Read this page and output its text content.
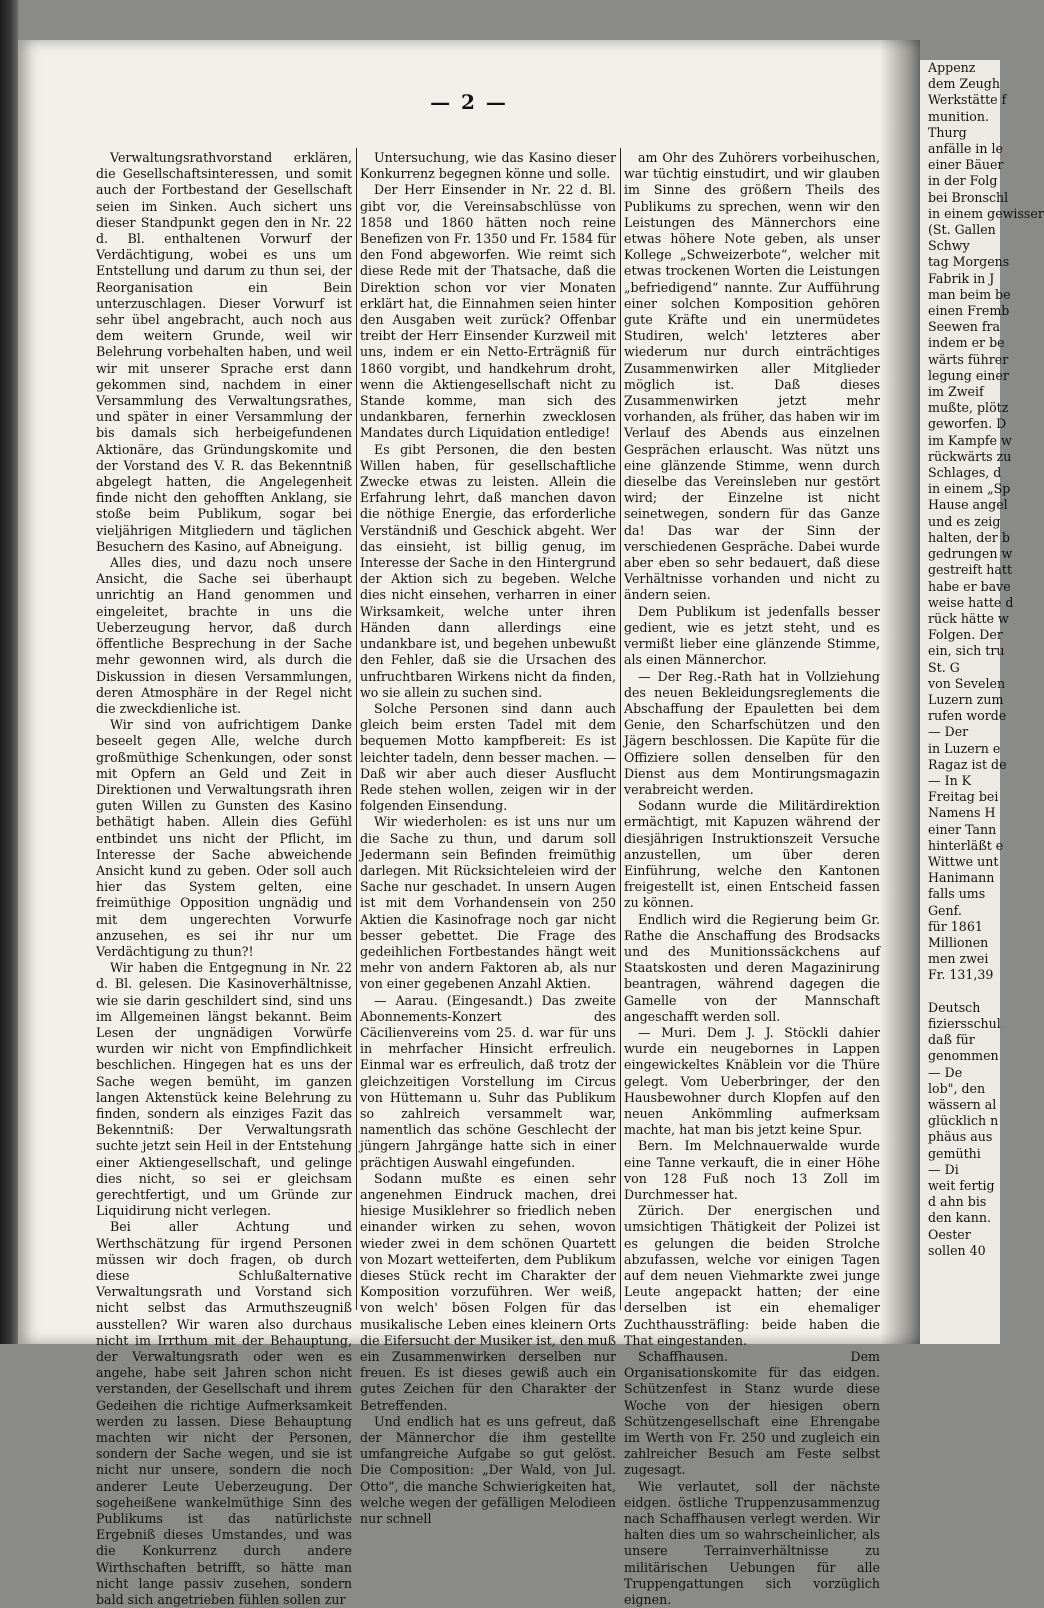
— 2 —

Verwaltungsrathvorstand erklären, die Gesellschaftsinteressen, und somit auch der Fortbestand der Gesellschaft seien im Sinken. Auch sichert uns dieser Standpunkt gegen den in Nr. 22 d. Bl. enthaltenen Vorwurf der Verdächtigung, wobei es uns um Entstellung und darum zu thun sei, der Reorganisation ein Bein unterzuschlagen. Dieser Vorwurf ist sehr übel angebracht, auch noch aus dem weitern Grunde, weil wir Belehrung vorbehalten haben, und weil wir mit unserer Sprache erst dann gekommen sind, nachdem in einer Versammlung des Verwaltungsrathes, und später in einer Versammlung der bis damals sich herbeigefundenen Aktionäre, das Gründungskomite und der Vorstand des V. R. das Bekenntniß abgelegt hatten, die Angelegenheit finde nicht den gehofften Anklang, sie stoße beim Publikum, sogar bei vieljährigen Mitgliedern und täglichen Besuchern des Kasino, auf Abneigung.

Alles dies, und dazu noch unsere Ansicht, die Sache sei überhaupt unrichtig an Hand genommen und eingeleitet, brachte in uns die Ueberzeugung hervor, daß durch öffentliche Besprechung in der Sache mehr gewonnen wird, als durch die Diskussion in diesen Versammlungen, deren Atmosphäre in der Regel nicht die zweckdienliche ist.

Wir sind von aufrichtigem Danke beseelt gegen Alle, welche durch großmüthige Schenkungen, oder sonst mit Opfern an Geld und Zeit in Direktionen und Verwaltungsrath ihren guten Willen zu Gunsten des Kasino bethätigt haben. Allein dies Gefühl entbindet uns nicht der Pflicht, im Interesse der Sache abweichende Ansicht kund zu geben. Oder soll auch hier das System gelten, eine freimüthige Opposition ungnädig und mit dem ungerechten Vorwurfe anzusehen, es sei ihr nur um Verdächtigung zu thun?!

Wir haben die Entgegnung in Nr. 22 d. Bl. gelesen. Die Kasinoverhältnisse, wie sie darin geschildert sind, sind uns im Allgemeinen längst bekannt. Beim Lesen der ungnädigen Vorwürfe wurden wir nicht von Empfindlichkeit beschlichen. Hingegen hat es uns der Sache wegen bemüht, im ganzen langen Aktenstück keine Belehrung zu finden, sondern als einziges Fazit das Bekenntniß: Der Verwaltungsrath suchte jetzt sein Heil in der Entstehung einer Aktiengesellschaft, und gelinge dies nicht, so sei er gleichsam gerechtfertigt, und um Gründe zur Liquidirung nicht verlegen.

Bei aller Achtung und Werthschätzung für irgend Personen müssen wir doch fragen, ob durch diese Schlußalternative Verwaltungsrath und Vorstand sich nicht selbst das Armuthszeugniß ausstellen? Wir waren also durchaus nicht im Irrthum mit der Behauptung, der Verwaltungsrath oder wen es angehe, habe seit Jahren schon nicht verstanden, der Gesellschaft und ihrem Gedeihen die richtige Aufmerksamkeit werden zu lassen. Diese Behauptung machten wir nicht der Personen, sondern der Sache wegen, und sie ist nicht nur unsere, sondern die noch anderer Leute Ueberzeugung. Der sogeheißene wankelmüthige Sinn des Publikums ist das natürlichste Ergebniß dieses Umstandes, und was die Konkurrenz durch andere Wirthschaften betrifft, so hätte man nicht lange passiv zusehen, sondern bald sich angetrieben fühlen sollen zur

Untersuchung, wie das Kasino dieser Konkurrenz begegnen könne und solle.

Der Herr Einsender in Nr. 22 d. Bl. gibt vor, die Vereinsabschlüsse von 1858 und 1860 hätten noch reine Benefizen von Fr. 1350 und Fr. 1584 für den Fond abgeworfen. Wie reimt sich diese Rede mit der Thatsache, daß die Direktion schon vor vier Monaten erklärt hat, die Einnahmen seien hinter den Ausgaben weit zurück? Offenbar treibt der Herr Einsender Kurzweil mit uns, indem er ein Netto-Erträgniß für 1860 vorgibt, und handkehrum droht, wenn die Aktiengesellschaft nicht zu Stande komme, man sich des undankbaren, fernerhin zwecklosen Mandates durch Liquidation entledige!

Es gibt Personen, die den besten Willen haben, für gesellschaftliche Zwecke etwas zu leisten. Allein die Erfahrung lehrt, daß manchen davon die nöthige Energie, das erforderliche Verständniß und Geschick abgeht. Wer das einsieht, ist billig genug, im Interesse der Sache in den Hintergrund der Aktion sich zu begeben. Welche dies nicht einsehen, verharren in einer Wirksamkeit, welche unter ihren Händen dann allerdings eine undankbare ist, und begehen unbewußt den Fehler, daß sie die Ursachen des unfruchtbaren Wirkens nicht da finden, wo sie allein zu suchen sind.

Solche Personen sind dann auch gleich beim ersten Tadel mit dem bequemen Motto kampfbereit: Es ist leichter tadeln, denn besser machen. — Daß wir aber auch dieser Ausflucht Rede stehen wollen, zeigen wir in der folgenden Einsendung.

Wir wiederholen: es ist uns nur um die Sache zu thun, und darum soll Jedermann sein Befinden freimüthig darlegen. Mit Rücksichteleien wird der Sache nur geschadet. In unsern Augen ist mit dem Vorhandensein von 250 Aktien die Kasinofrage noch gar nicht besser gebettet. Die Frage des gedeihlichen Fortbestandes hängt weit mehr von andern Faktoren ab, als nur von einer gegebenen Anzahl Aktien.

— Aarau. (Eingesandt.) Das zweite Abonnements-Konzert des Cäcilienvereins vom 25. d. war für uns in mehrfacher Hinsicht erfreulich. Einmal war es erfreulich, daß trotz der gleichzeitigen Vorstellung im Circus von Hüttemann u. Suhr das Publikum so zahlreich versammelt war, namentlich das schöne Geschlecht der jüngern Jahrgänge hatte sich in einer prächtigen Auswahl eingefunden.

Sodann mußte es einen sehr angenehmen Eindruck machen, drei hiesige Musiklehrer so friedlich neben einander wirken zu sehen, wovon wieder zwei in dem schönen Quartett von Mozart wetteiferten, dem Publikum dieses Stück recht im Charakter der Komposition vorzuführen. Wer weiß, von welch' bösen Folgen für das musikalische Leben eines kleinern Orts die Eifersucht der Musiker ist, den muß ein Zusammenwirken derselben nur freuen. Es ist dieses gewiß auch ein gutes Zeichen für den Charakter der Betreffenden.

Und endlich hat es uns gefreut, daß der Männerchor die ihm gestellte umfangreiche Aufgabe so gut gelöst. Die Composition: „Der Wald, von Jul. Otto“, die manche Schwierigkeiten hat, welche wegen der gefälligen Melodieen nur schnell

am Ohr des Zuhörers vorbeihuschen, war tüchtig einstudirt, und wir glauben im Sinne des größern Theils des Publikums zu sprechen, wenn wir den Leistungen des Männerchors eine etwas höhere Note geben, als unser Kollege „Schweizerbote“, welcher mit etwas trockenen Worten die Leistungen „befriedigend“ nannte. Zur Aufführung einer solchen Komposition gehören gute Kräfte und ein unermüdetes Studiren, welch' letzteres aber wiederum nur durch einträchtiges Zusammenwirken aller Mitglieder möglich ist. Daß dieses Zusammenwirken jetzt mehr vorhanden, als früher, das haben wir im Verlauf des Abends aus einzelnen Gesprächen erlauscht. Was nützt uns eine glänzende Stimme, wenn durch dieselbe das Vereinsleben nur gestört wird; der Einzelne ist nicht seinetwegen, sondern für das Ganze da! Das war der Sinn der verschiedenen Gespräche. Dabei wurde aber eben so sehr bedauert, daß diese Verhältnisse vorhanden und nicht zu ändern seien.

Dem Publikum ist jedenfalls besser gedient, wie es jetzt steht, und es vermißt lieber eine glänzende Stimme, als einen Männerchor.

— Der Reg.-Rath hat in Vollziehung des neuen Bekleidungsreglements die Abschaffung der Epauletten bei dem Genie, den Scharfschützen und den Jägern beschlossen. Die Kapüte für die Offiziere sollen denselben für den Dienst aus dem Montirungsmagazin verabreicht werden.

Sodann wurde die Militärdirektion ermächtigt, mit Kapuzen während der diesjährigen Instruktionszeit Versuche anzustellen, um über deren Einführung, welche den Kantonen freigestellt ist, einen Entscheid fassen zu können.

Endlich wird die Regierung beim Gr. Rathe die Anschaffung des Brodsacks und des Munitionssäckchens auf Staatskosten und deren Magazinirung beantragen, während dagegen die Gamelle von der Mannschaft angeschafft werden soll.

— Muri. Dem J. J. Stöckli dahier wurde ein neugebornes in Lappen eingewickeltes Knäblein vor die Thüre gelegt. Vom Ueberbringer, der den Hausbewohner durch Klopfen auf den neuen Ankömmling aufmerksam machte, hat man bis jetzt keine Spur.

Bern. Im Melchnauerwalde wurde eine Tanne verkauft, die in einer Höhe von 128 Fuß noch 13 Zoll im Durchmesser hat.

Zürich. Der energischen und umsichtigen Thätigkeit der Polizei ist es gelungen die beiden Strolche abzufassen, welche vor einigen Tagen auf dem neuen Viehmarkte zwei junge Leute angepackt hatten; der eine derselben ist ein ehemaliger Zuchthaussträfling: beide haben die That eingestanden.

Schaffhausen. Dem Organisationskomite für das eidgen. Schützenfest in Stanz wurde diese Woche von der hiesigen obern Schützengesellschaft eine Ehrengabe im Werth von Fr. 250 und zugleich ein zahlreicher Besuch am Feste selbst zugesagt.

Wie verlautet, soll der nächste eidgen. östliche Truppenzusammenzug nach Schaffhausen verlegt werden. Wir halten dies um so wahrscheinlicher, als unsere Terrainverhältnisse zu militärischen Uebungen für alle Truppengattungen sich vorzüglich eignen.

Appenz
dem Zeugh
Werkstätte f
munition.
Thurg
anfälle in le
einer Bäuer
in der Folg
bei Bronschl
in einem gewisser
(St. Gallen
Schwy
tag Morgens
Fabrik in J
man beim be
einen Fremb
Seewen fra
indem er be
wärts führer
legung einer
im Zweif
mußte, plötz
geworfen. D
im Kampfe w
rückwärts zu
Schlages, d
in einem „Sp
Hause angel
und es zeig
halten, der b
gedrungen w
gestreift hatt
habe er bave
weise hatte d
rück hätte w
Folgen. Der
ein, sich tru
St. G
von Sevelen
Luzern zum
rufen worde
— Der
in Luzern e
Ragaz ist de
— In K
Freitag bei
Namens H
einer Tann
hinterläßt e
Wittwe unt
Hanimann
falls ums
Genf.
für 1861
Millionen
men zwei
Fr. 131,39

Deutsch
fiziersschul
daß für
genommen
— De
lob", den
wässern al
glücklich n
phäus aus
gemüthi
— Di
weit fertig
d ahn bis
den kann.
Oester
sollen 40
